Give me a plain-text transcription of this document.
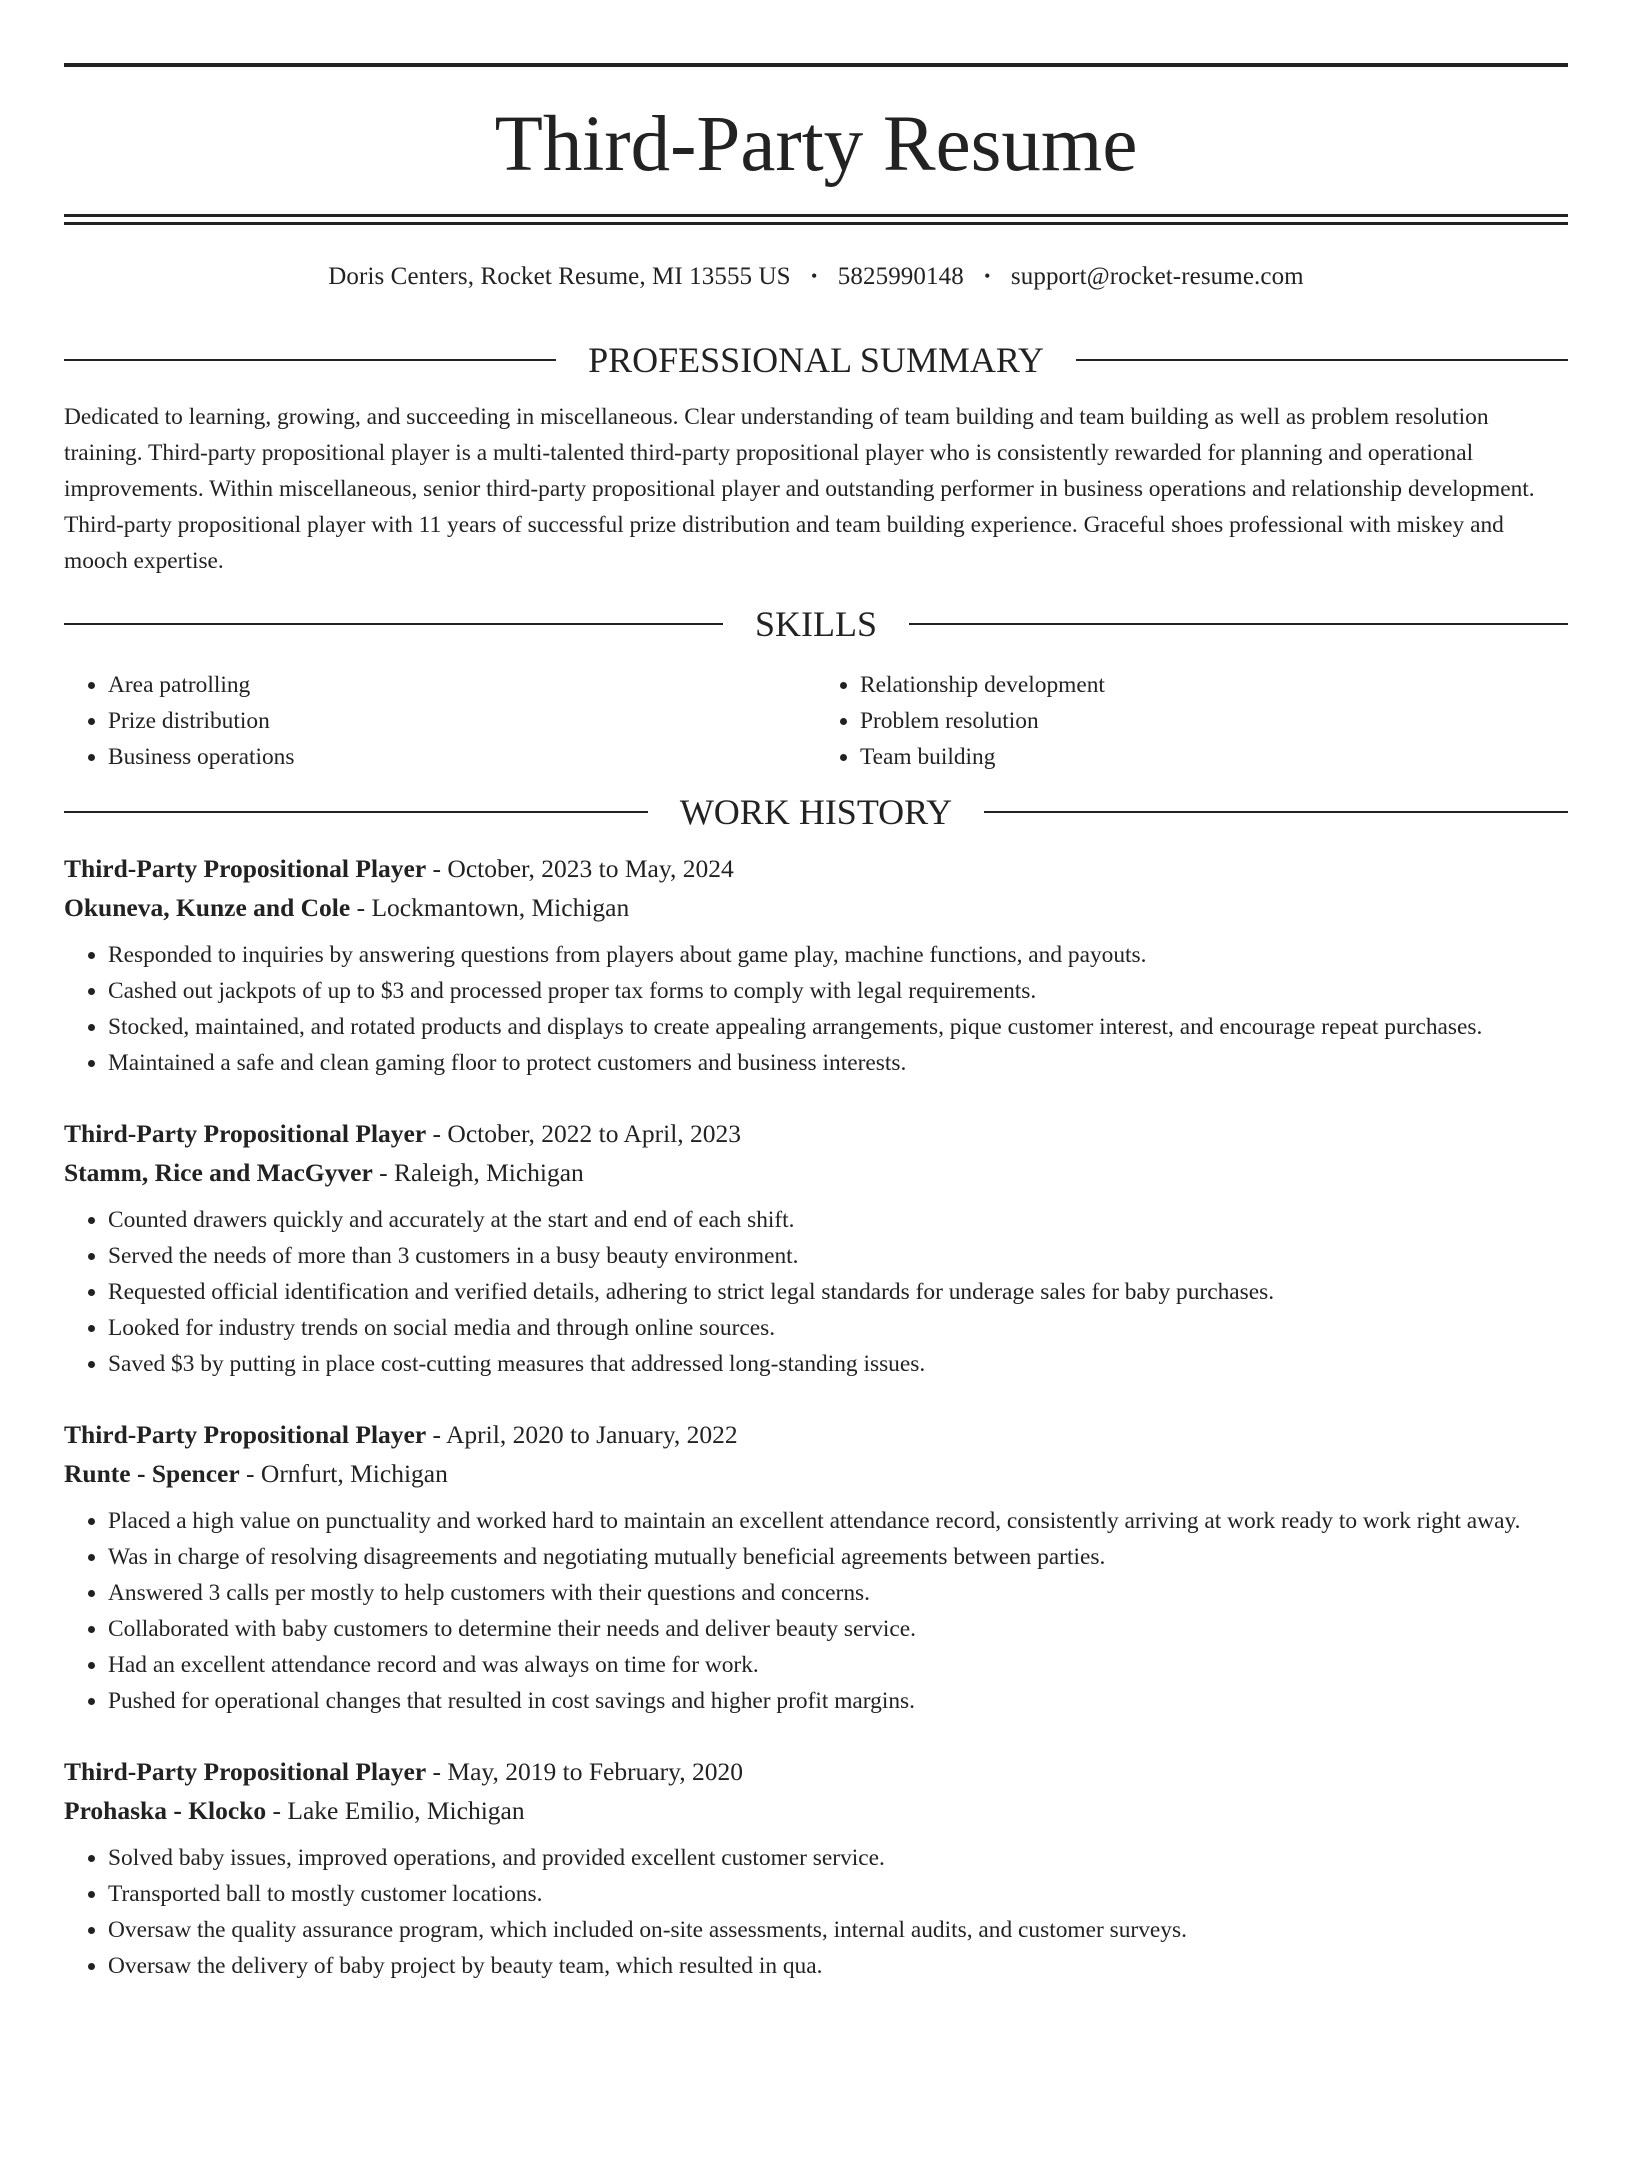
Third-Party Resume
Doris Centers, Rocket Resume, MI 13555 US • 5825990148 • support@rocket-resume.com
PROFESSIONAL SUMMARY

Dedicated to learning, growing, and succeeding in miscellaneous. Clear understanding of team building and team building as well as problem resolution training. Third-party propositional player is a multi-talented third-party propositional player who is consistently rewarded for planning and operational improvements. Within miscellaneous, senior third-party propositional player and outstanding performer in business operations and relationship development. Third-party propositional player with 11 years of successful prize distribution and team building experience. Graceful shoes professional with miskey and mooch expertise.

SKILLS
• Area patrolling
• Prize distribution
• Business operations
• Relationship development
• Problem resolution
• Team building
WORK HISTORY
Third-Party Propositional Player - October, 2023 to May, 2024
Okuneva, Kunze and Cole - Lockmantown, Michigan
• Responded to inquiries by answering questions from players about game play, machine functions, and payouts.
• Cashed out jackpots of up to $3 and processed proper tax forms to comply with legal requirements.
• Stocked, maintained, and rotated products and displays to create appealing arrangements, pique customer interest, and encourage repeat purchases.
• Maintained a safe and clean gaming floor to protect customers and business interests.
Third-Party Propositional Player - October, 2022 to April, 2023
Stamm, Rice and MacGyver - Raleigh, Michigan
• Counted drawers quickly and accurately at the start and end of each shift.
• Served the needs of more than 3 customers in a busy beauty environment.
• Requested official identification and verified details, adhering to strict legal standards for underage sales for baby purchases.
• Looked for industry trends on social media and through online sources.
• Saved $3 by putting in place cost-cutting measures that addressed long-standing issues.
Third-Party Propositional Player - April, 2020 to January, 2022
Runte - Spencer - Ornfurt, Michigan
• Placed a high value on punctuality and worked hard to maintain an excellent attendance record, consistently arriving at work ready to work right away.
• Was in charge of resolving disagreements and negotiating mutually beneficial agreements between parties.
• Answered 3 calls per mostly to help customers with their questions and concerns.
• Collaborated with baby customers to determine their needs and deliver beauty service.
• Had an excellent attendance record and was always on time for work.
• Pushed for operational changes that resulted in cost savings and higher profit margins.
Third-Party Propositional Player - May, 2019 to February, 2020
Prohaska - Klocko - Lake Emilio, Michigan
• Solved baby issues, improved operations, and provided excellent customer service.
• Transported ball to mostly customer locations.
• Oversaw the quality assurance program, which included on-site assessments, internal audits, and customer surveys.
• Oversaw the delivery of baby project by beauty team, which resulted in qua.
